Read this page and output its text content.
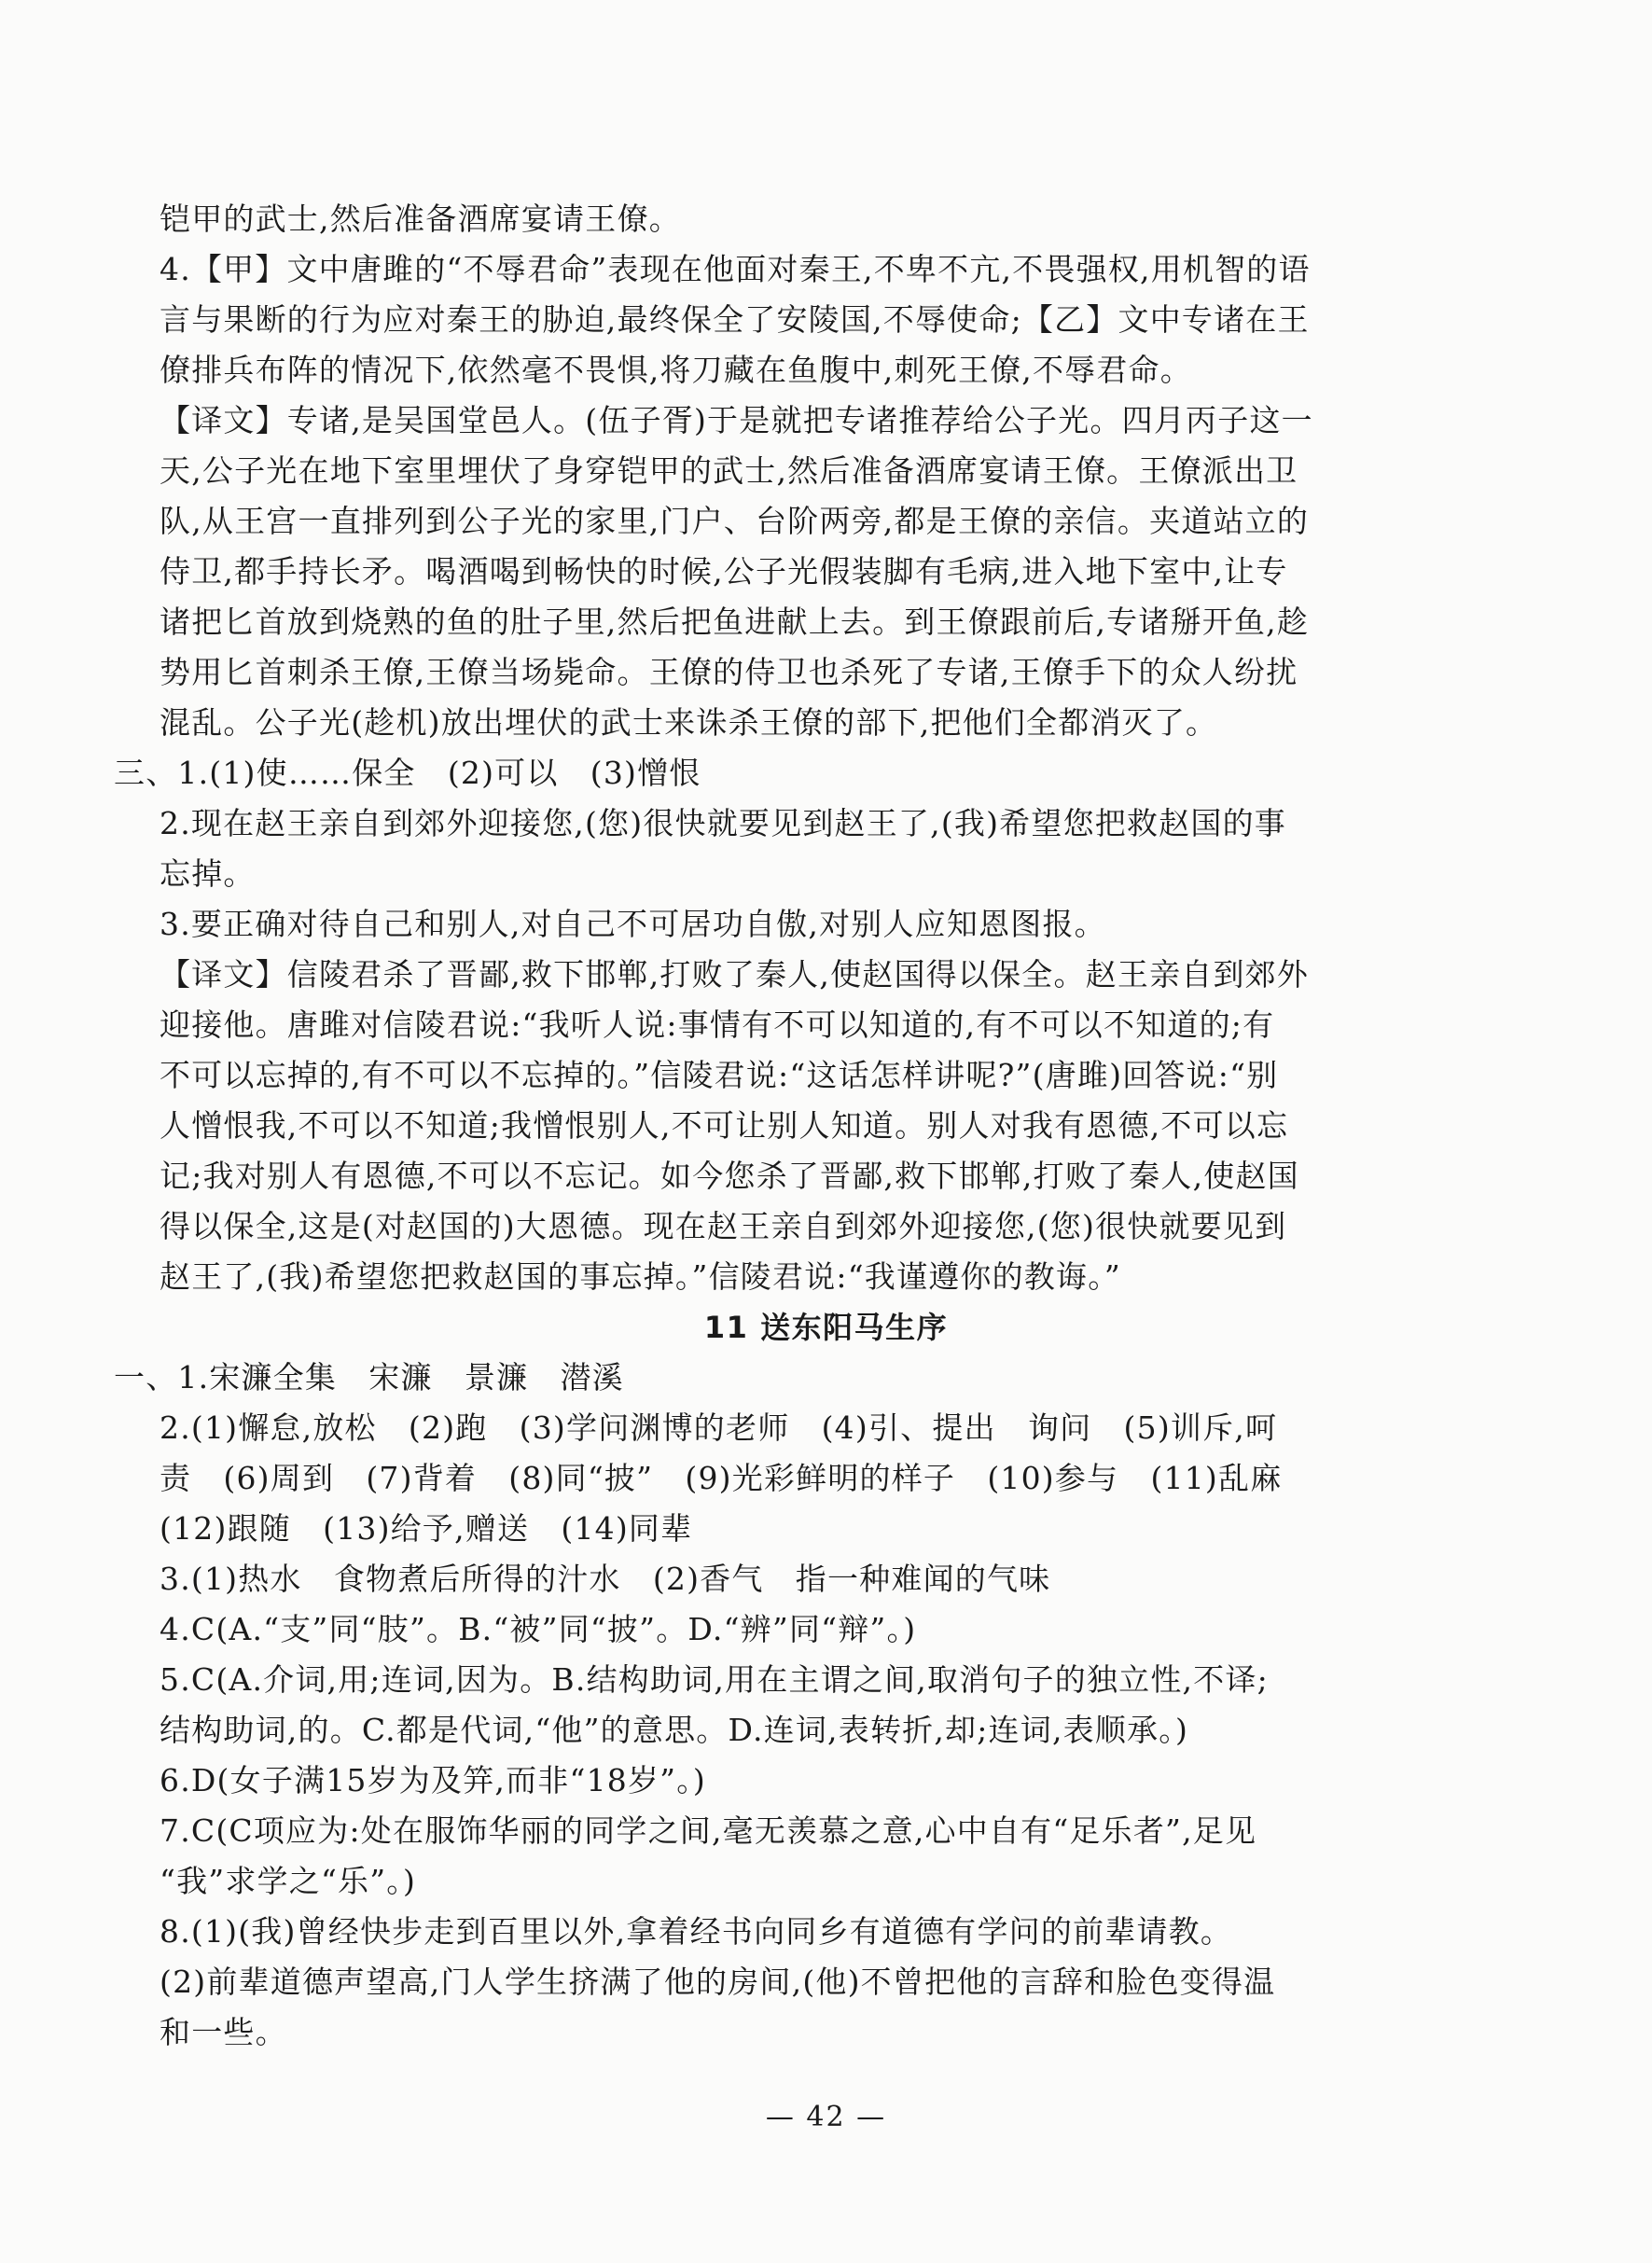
铠甲的武士,然后准备酒席宴请王僚。
4.【甲】文中唐雎的“不辱君命”表现在他面对秦王,不卑不亢,不畏强权,用机智的语
言与果断的行为应对秦王的胁迫,最终保全了安陵国,不辱使命;【乙】文中专诸在王
僚排兵布阵的情况下,依然毫不畏惧,将刀藏在鱼腹中,刺死王僚,不辱君命。
【译文】专诸,是吴国堂邑人。(伍子胥)于是就把专诸推荐给公子光。四月丙子这一
天,公子光在地下室里埋伏了身穿铠甲的武士,然后准备酒席宴请王僚。王僚派出卫
队,从王宫一直排列到公子光的家里,门户、台阶两旁,都是王僚的亲信。夹道站立的
侍卫,都手持长矛。喝酒喝到畅快的时候,公子光假装脚有毛病,进入地下室中,让专
诸把匕首放到烧熟的鱼的肚子里,然后把鱼进献上去。到王僚跟前后,专诸掰开鱼,趁
势用匕首刺杀王僚,王僚当场毙命。王僚的侍卫也杀死了专诸,王僚手下的众人纷扰
混乱。公子光(趁机)放出埋伏的武士来诛杀王僚的部下,把他们全都消灭了。
三、1.(1)使……保全　(2)可以　(3)憎恨
2.现在赵王亲自到郊外迎接您,(您)很快就要见到赵王了,(我)希望您把救赵国的事
忘掉。
3.要正确对待自己和别人,对自己不可居功自傲,对别人应知恩图报。
【译文】信陵君杀了晋鄙,救下邯郸,打败了秦人,使赵国得以保全。赵王亲自到郊外
迎接他。唐雎对信陵君说:“我听人说:事情有不可以知道的,有不可以不知道的;有
不可以忘掉的,有不可以不忘掉的。”信陵君说:“这话怎样讲呢?”(唐雎)回答说:“别
人憎恨我,不可以不知道;我憎恨别人,不可让别人知道。别人对我有恩德,不可以忘
记;我对别人有恩德,不可以不忘记。如今您杀了晋鄙,救下邯郸,打败了秦人,使赵国
得以保全,这是(对赵国的)大恩德。现在赵王亲自到郊外迎接您,(您)很快就要见到
赵王了,(我)希望您把救赵国的事忘掉。”信陵君说:“我谨遵你的教诲。”
11 送东阳马生序
一、1.宋濂全集　宋濂　景濂　潜溪
2.(1)懈怠,放松　(2)跑　(3)学问渊博的老师　(4)引、提出　询问　(5)训斥,呵
责　(6)周到　(7)背着　(8)同“披”　(9)光彩鲜明的样子　(10)参与　(11)乱麻
(12)跟随　(13)给予,赠送　(14)同辈
3.(1)热水　食物煮后所得的汁水　(2)香气　指一种难闻的气味
4.C(A.“支”同“肢”。B.“被”同“披”。D.“辨”同“辩”。)
5.C(A.介词,用;连词,因为。B.结构助词,用在主谓之间,取消句子的独立性,不译;
结构助词,的。C.都是代词,“他”的意思。D.连词,表转折,却;连词,表顺承。)
6.D(女子满15岁为及笄,而非“18岁”。)
7.C(C项应为:处在服饰华丽的同学之间,毫无羡慕之意,心中自有“足乐者”,足见
“我”求学之“乐”。)
8.(1)(我)曾经快步走到百里以外,拿着经书向同乡有道德有学问的前辈请教。
(2)前辈道德声望高,门人学生挤满了他的房间,(他)不曾把他的言辞和脸色变得温
和一些。
— 42 —
